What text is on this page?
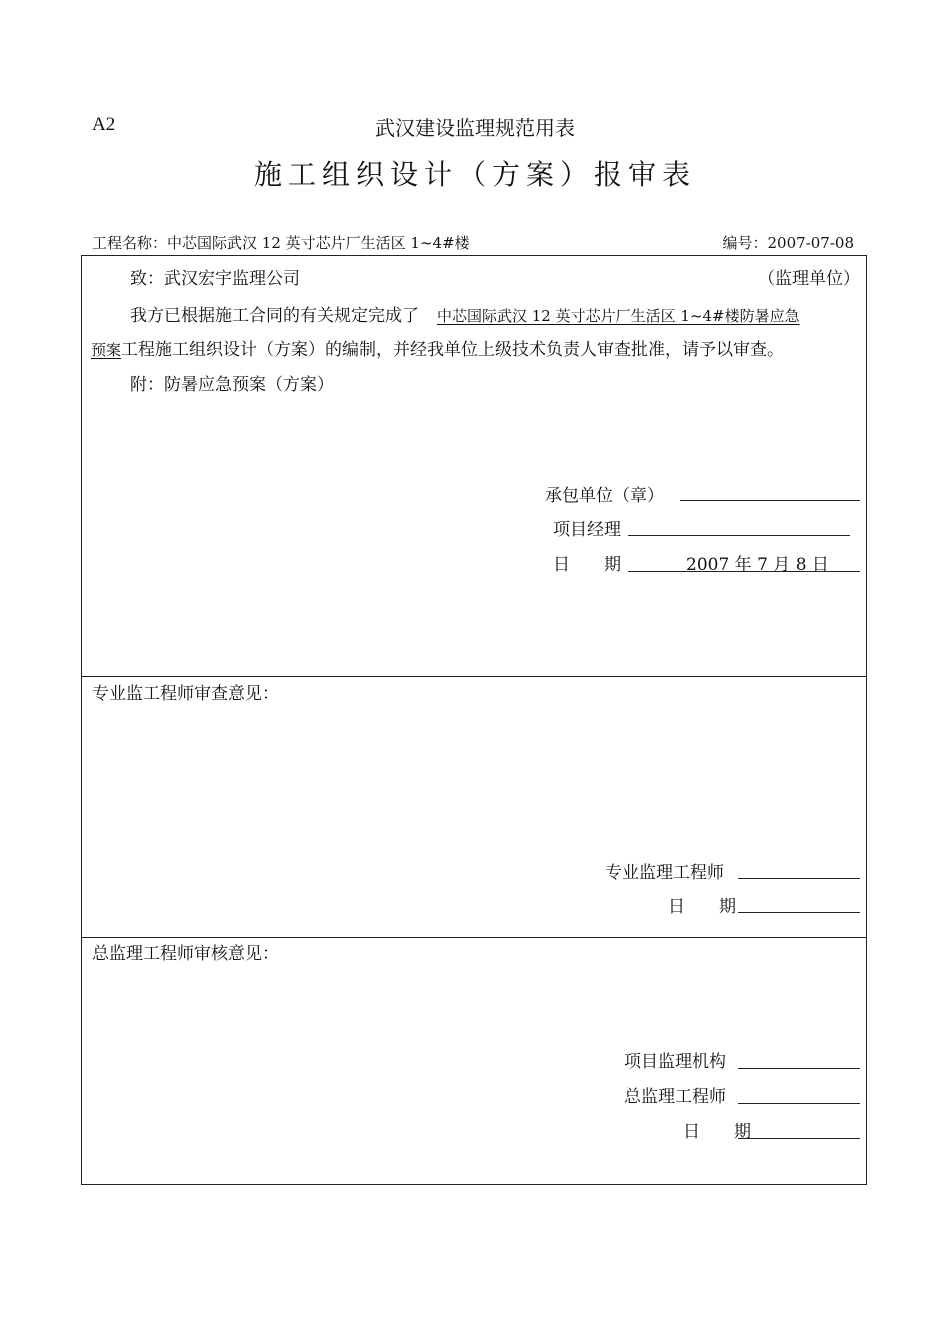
A2	武汉建设监理规范用表
施工组织设计（方案）报审表
工程名称：中芯国际武汉 12 英寸芯片厂生活区 1~4#楼	编号：2007-07-08
致：武汉宏宇监理公司	（监理单位）
我方已根据施工合同的有关规定完成了 中芯国际武汉 12 英寸芯片厂生活区 1~4#楼防暑应急
预案工程施工组织设计（方案）的编制，并经我单位上级技术负责人审查批准，请予以审查。
附：防暑应急预案（方案）
承包单位（章）
项目经理
日　　期	2007 年 7 月 8 日
专业监工程师审查意见：
专业监理工程师
日　　期
总监理工程师审核意见：
项目监理机构
总监理工程师
日　　期
